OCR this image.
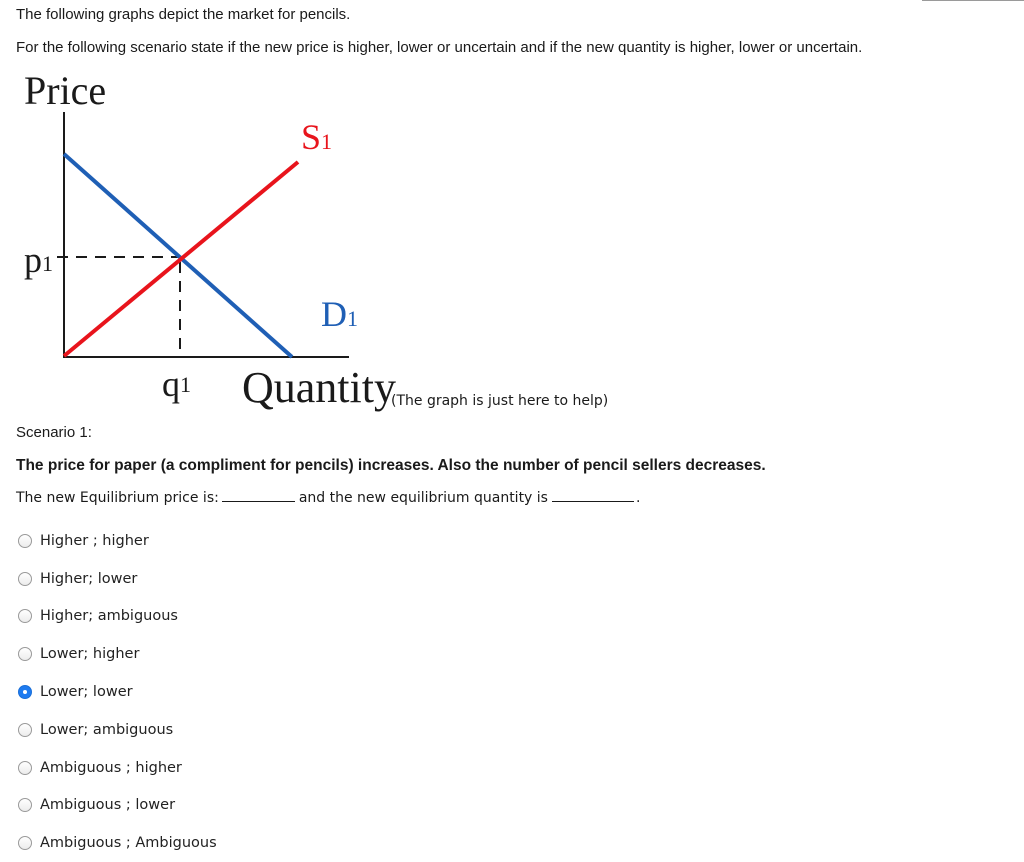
The following graphs depict the market for pencils.
For the following scenario state if the new price is higher, lower or uncertain and if the new quantity is higher, lower or uncertain.
Price
p1
q1 Quantity
S1
D1
(The graph is just here to help)
Scenario 1:
The price for paper (a compliment for pencils) increases. Also the number of pencil sellers decreases.
The new Equilibrium price is:	and the new equilibrium quantity is	.
Higher ; higher
Higher; lower
Higher; ambiguous
Lower; higher
Lower; lower
Lower; ambiguous
Ambiguous ; higher
Ambiguous ; lower
Ambiguous ; Ambiguous
